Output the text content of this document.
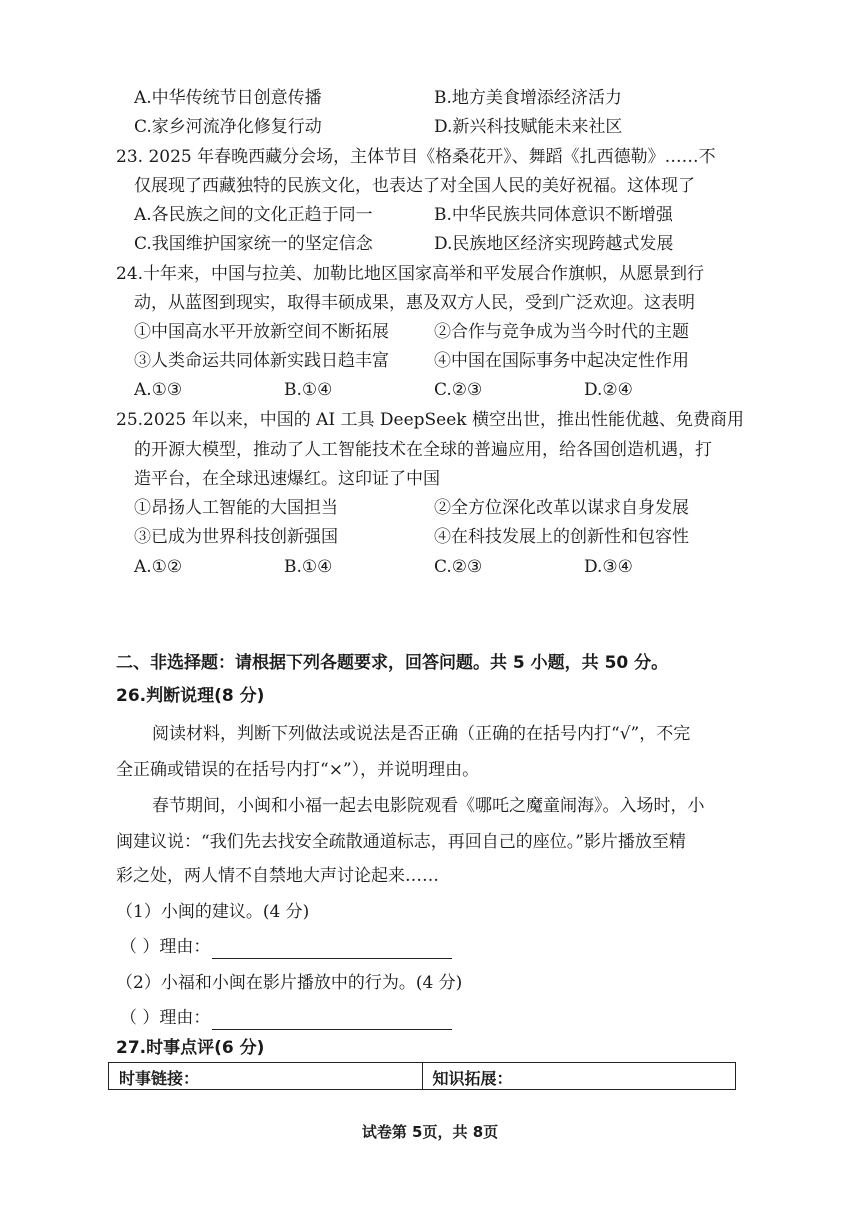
A.中华传统节日创意传播	B.地方美食增添经济活力
C.家乡河流净化修复行动	D.新兴科技赋能未来社区
23. 2025 年春晚西藏分会场，主体节目《格桑花开》、舞蹈《扎西德勒》……不
仅展现了西藏独特的民族文化，也表达了对全国人民的美好祝福。这体现了
A.各民族之间的文化正趋于同一	B.中华民族共同体意识不断增强
C.我国维护国家统一的坚定信念	D.民族地区经济实现跨越式发展
24.十年来，中国与拉美、加勒比地区国家高举和平发展合作旗帜，从愿景到行
动，从蓝图到现实，取得丰硕成果，惠及双方人民，受到广泛欢迎。这表明
①中国高水平开放新空间不断拓展	②合作与竞争成为当今时代的主题
③人类命运共同体新实践日趋丰富	④中国在国际事务中起决定性作用
A.①③	B.①④	C.②③	D.②④
25.2025 年以来，中国的 AI 工具 DeepSeek 横空出世，推出性能优越、免费商用
的开源大模型，推动了人工智能技术在全球的普遍应用，给各国创造机遇，打
造平台，在全球迅速爆红。这印证了中国
①昂扬人工智能的大国担当	②全方位深化改革以谋求自身发展
③已成为世界科技创新强国	④在科技发展上的创新性和包容性
A.①②	B.①④	C.②③	D.③④
二、非选择题：请根据下列各题要求，回答问题。共 5 小题，共 50 分。
26.判断说理(8 分)
阅读材料，判断下列做法或说法是否正确（正确的在括号内打“√”，不完
全正确或错误的在括号内打“×”），并说明理由。
春节期间，小闽和小福一起去电影院观看《哪吒之魔童闹海》。入场时，小
闽建议说：“我们先去找安全疏散通道标志，再回自己的座位。”影片播放至精
彩之处，两人情不自禁地大声讨论起来……
（1）小闽的建议。(4 分)
（ ）理由：
（2）小福和小闽在影片播放中的行为。(4 分)
（ ）理由：
27.时事点评(6 分)
时事链接：	知识拓展：
试卷第 5页，共 8页
